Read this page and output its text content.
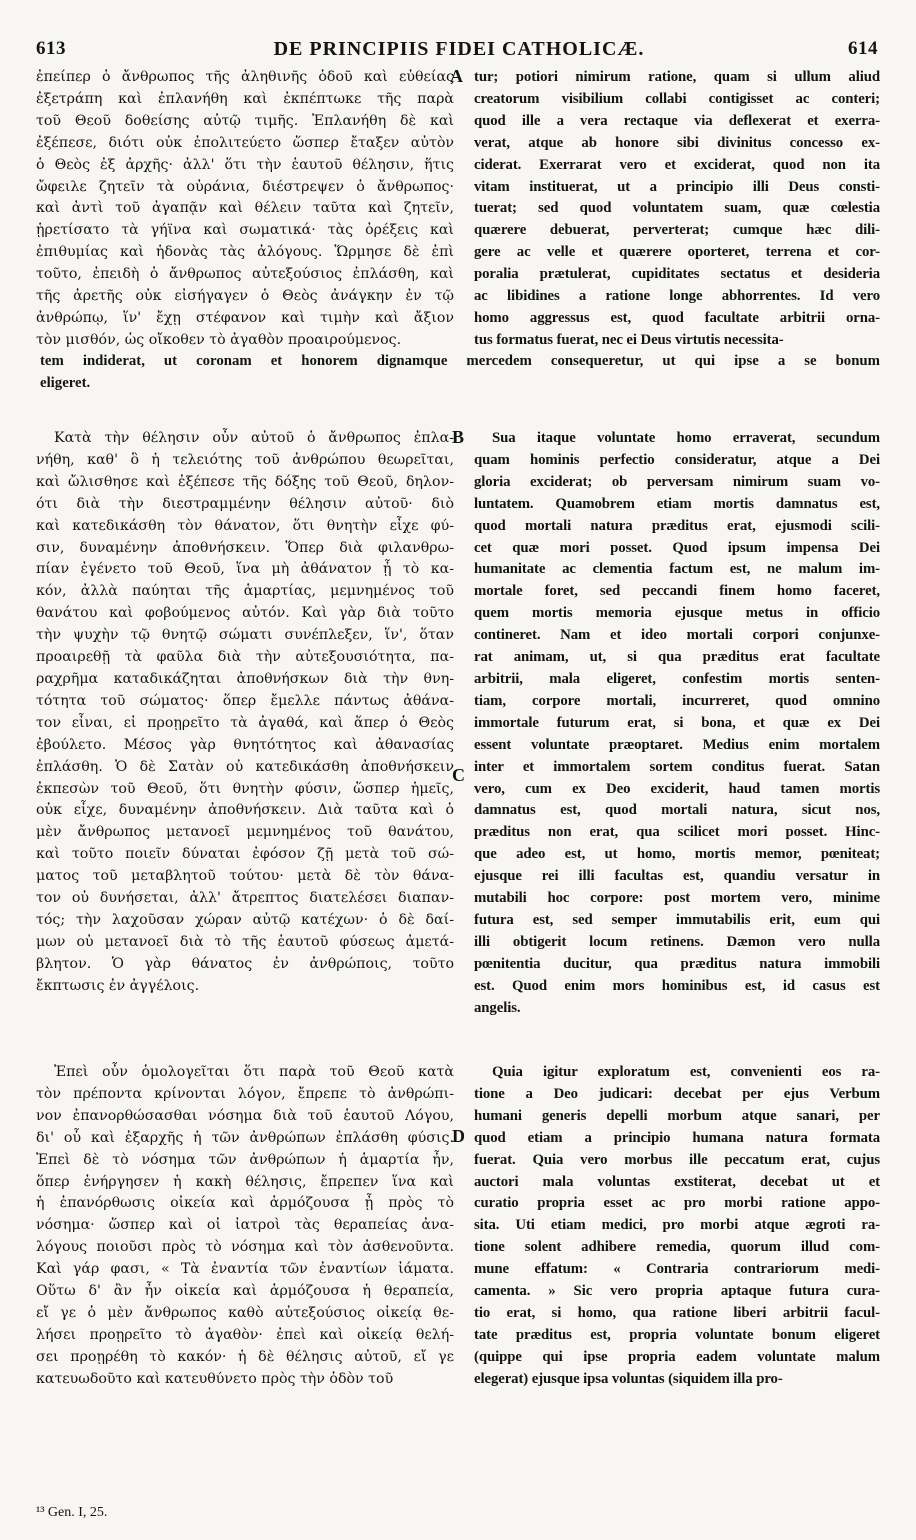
613	DE PRINCIPIIS FIDEI CATHOLICÆ.	614
ἐπείπερ ὁ ἄνθρωπος τῆς ἀληθινῆς ὁδοῦ καὶ εὐθείας
ἐξετράπη καὶ ἐπλανήθη καὶ ἐκπέπτωκε τῆς παρὰ
τοῦ Θεοῦ δοθείσης αὐτῷ τιμῆς. Ἐπλανήθη δὲ καὶ
ἐξέπεσε, διότι οὐκ ἐπολιτεύετο ὥσπερ ἔταξεν αὐτὸν
ὁ Θεὸς ἐξ ἀρχῆς· ἀλλ' ὅτι τὴν ἑαυτοῦ θέλησιν, ἥτις
ὤφειλε ζητεῖν τὰ οὐράνια, διέστρεψεν ὁ ἄνθρωπος·
καὶ ἀντὶ τοῦ ἀγαπᾷν καὶ θέλειν ταῦτα καὶ ζητεῖν,
ᾑρετίσατο τὰ γήϊνα καὶ σωματικά· τὰς ὀρέξεις καὶ
ἐπιθυμίας καὶ ἡδονὰς τὰς ἀλόγους. Ὥρμησε δὲ ἐπὶ
τοῦτο, ἐπειδὴ ὁ ἄνθρωπος αὐτεξούσιος ἐπλάσθη, καὶ
τῆς ἀρετῆς οὐκ εἰσήγαγεν ὁ Θεὸς ἀνάγκην ἐν τῷ
ἀνθρώπῳ, ἵν' ἔχῃ στέφανον καὶ τιμὴν καὶ ἄξιον
τὸν μισθόν, ὡς οἴκοθεν τὸ ἀγαθὸν προαιρούμενος.
tur; potiori nimirum ratione, quam si ullum aliud
creatorum visibilium collabi contigisset ac conteri;
quod ille a vera rectaque via deflexerat et exerra-
verat, atque ab honore sibi divinitus concesso ex-
ciderat. Exerrarat vero et exciderat, quod non ita
vitam instituerat, ut a principio illi Deus consti-
tuerat; sed quod voluntatem suam, quæ cœlestia
quærere debuerat, perverterat; cumque hæc dili-
gere ac velle et quærere oporteret, terrena et cor-
poralia prætulerat, cupiditates sectatus et desideria
ac libidines a ratione longe abhorrentes. Id vero
homo aggressus est, quod facultate arbitrii orna-
tus formatus fuerat, nec ei Deus virtutis necessita-
tem indiderat, ut coronam et honorem dignamque mercedem consequeretur, ut qui ipse a se bonum
eligeret.
Κατὰ τὴν θέλησιν οὖν αὐτοῦ ὁ ἄνθρωπος ἐπλα-
νήθη, καθ' ὃ ἡ τελειότης τοῦ ἀνθρώπου θεωρεῖται,
καὶ ὤλισθησε καὶ ἐξέπεσε τῆς δόξης τοῦ Θεοῦ, δηλον-
ότι διὰ τὴν διεστραμμένην θέλησιν αὐτοῦ· διὸ
καὶ κατεδικάσθη τὸν θάνατον, ὅτι θνητὴν εἶχε φύ-
σιν, δυναμένην ἀποθνήσκειν. Ὅπερ διὰ φιλανθρω-
πίαν ἐγένετο τοῦ Θεοῦ, ἵνα μὴ ἀθάνατον ᾖ τὸ κα-
κόν, ἀλλὰ παύηται τῆς ἁμαρτίας, μεμνημένος τοῦ
θανάτου καὶ φοβούμενος αὐτόν. Καὶ γὰρ διὰ τοῦτο
τὴν ψυχὴν τῷ θνητῷ σώματι συνέπλεξεν, ἵν', ὅταν
προαιρεθῇ τὰ φαῦλα διὰ τὴν αὐτεξουσιότητα, πα-
ραχρῆμα καταδικάζηται ἀποθνήσκων διὰ τὴν θνη-
τότητα τοῦ σώματος· ὅπερ ἔμελλε πάντως ἀθάνα-
τον εἶναι, εἰ προῃρεῖτο τὰ ἀγαθά, καὶ ἅπερ ὁ Θεὸς
ἐβούλετο. Μέσος γὰρ θνητότητος καὶ ἀθανασίας
ἐπλάσθη. Ὁ δὲ Σατὰν οὐ κατεδικάσθη ἀποθνήσκειν
ἐκπεσὼν τοῦ Θεοῦ, ὅτι θνητὴν φύσιν, ὥσπερ ἡμεῖς,
οὐκ εἶχε, δυναμένην ἀποθνήσκειν. Διὰ ταῦτα καὶ ὁ
μὲν ἄνθρωπος μετανοεῖ μεμνημένος τοῦ θανάτου,
καὶ τοῦτο ποιεῖν δύναται ἐφόσον ζῇ μετὰ τοῦ σώ-
ματος τοῦ μεταβλητοῦ τούτου· μετὰ δὲ τὸν θάνα-
τον οὐ δυνήσεται, ἀλλ' ἄτρεπτος διατελέσει διαπαν-
τός; τὴν λαχοῦσαν χώραν αὐτῷ κατέχων· ὁ δὲ δαί-
μων οὐ μετανοεῖ διὰ τὸ τῆς ἑαυτοῦ φύσεως ἀμετά-
βλητον. Ὁ γὰρ θάνατος ἐν ἀνθρώποις, τοῦτο
ἔκπτωσις ἐν ἀγγέλοις.
Sua itaque voluntate homo erraverat, secundum
quam hominis perfectio consideratur, atque a Dei
gloria exciderat; ob perversam nimirum suam vo-
luntatem. Quamobrem etiam mortis damnatus est,
quod mortali natura præditus erat, ejusmodi scili-
cet quæ mori posset. Quod ipsum impensa Dei
humanitate ac clementia factum est, ne malum im-
mortale foret, sed peccandi finem homo faceret,
quem mortis memoria ejusque metus in officio
contineret. Nam et ideo mortali corpori conjunxe-
rat animam, ut, si qua præditus erat facultate
arbitrii, mala eligeret, confestim mortis senten-
tiam, corpore mortali, incurreret, quod omnino
immortale futurum erat, si bona, et quæ ex Dei
essent voluntate præoptaret. Medius enim mortalem
inter et immortalem sortem conditus fuerat. Satan
vero, cum ex Deo exciderit, haud tamen mortis
damnatus est, quod mortali natura, sicut nos,
præditus non erat, qua scilicet mori posset. Hinc-
que adeo est, ut homo, mortis memor, pœniteat;
ejusque rei illi facultas est, quandiu versatur in
mutabili hoc corpore: post mortem vero, minime
futura est, sed semper immutabilis erit, eum qui
illi obtigerit locum retinens. Dæmon vero nulla
pœnitentia ducitur, qua præditus natura immobili
est. Quod enim mors hominibus est, id casus est
angelis.
Ἐπεὶ οὖν ὁμολογεῖται ὅτι παρὰ τοῦ Θεοῦ κατὰ
τὸν πρέποντα κρίνονται λόγον, ἔπρεπε τὸ ἀνθρώπι-
νον ἐπανορθώσασθαι νόσημα διὰ τοῦ ἑαυτοῦ Λόγου,
δι' οὗ καὶ ἐξαρχῆς ἡ τῶν ἀνθρώπων ἐπλάσθη φύσις.
Ἐπεὶ δὲ τὸ νόσημα τῶν ἀνθρώπων ἡ ἁμαρτία ἦν,
ὅπερ ἐνήργησεν ἡ κακὴ θέλησις, ἔπρεπεν ἵνα καὶ
ἡ ἐπανόρθωσις οἰκεία καὶ ἁρμόζουσα ᾖ πρὸς τὸ
νόσημα· ὥσπερ καὶ οἱ ἰατροὶ τὰς θεραπείας ἀνα-
λόγους ποιοῦσι πρὸς τὸ νόσημα καὶ τὸν ἀσθενοῦντα.
Καὶ γάρ φασι, « Τὰ ἐναντία τῶν ἐναντίων ἰάματα.
Οὕτω δ' ἂν ἦν οἰκεία καὶ ἁρμόζουσα ἡ θεραπεία,
εἴ γε ὁ μὲν ἄνθρωπος καθὸ αὐτεξούσιος οἰκείᾳ θε-
λήσει προῃρεῖτο τὸ ἀγαθὸν· ἐπεὶ καὶ οἰκείᾳ θελή-
σει προῃρέθη τὸ κακόν· ἡ δὲ θέλησις αὐτοῦ, εἴ γε
κατευωδοῦτο καὶ κατευθύνετο πρὸς τὴν ὁδὸν τοῦ
Quia igitur exploratum est, convenienti eos ra-
tione a Deo judicari: decebat per ejus Verbum
humani generis depelli morbum atque sanari, per
quod etiam a principio humana natura formata
fuerat. Quia vero morbus ille peccatum erat, cujus
auctori mala voluntas exstiterat, decebat ut et
curatio propria esset ac pro morbi ratione appo-
sita. Uti etiam medici, pro morbi atque ægroti ra-
tione solent adhibere remedia, quorum illud com-
mune effatum: « Contraria contrariorum medi-
camenta. » Sic vero propria aptaque futura cura-
tio erat, si homo, qua ratione liberi arbitrii facul-
tate præditus est, propria voluntate bonum eligeret
(quippe qui ipse propria eadem voluntate malum
elegerat) ejusque ipsa voluntas (siquidem illa pro-
A
B
C
D
¹³ Gen. I, 25.
